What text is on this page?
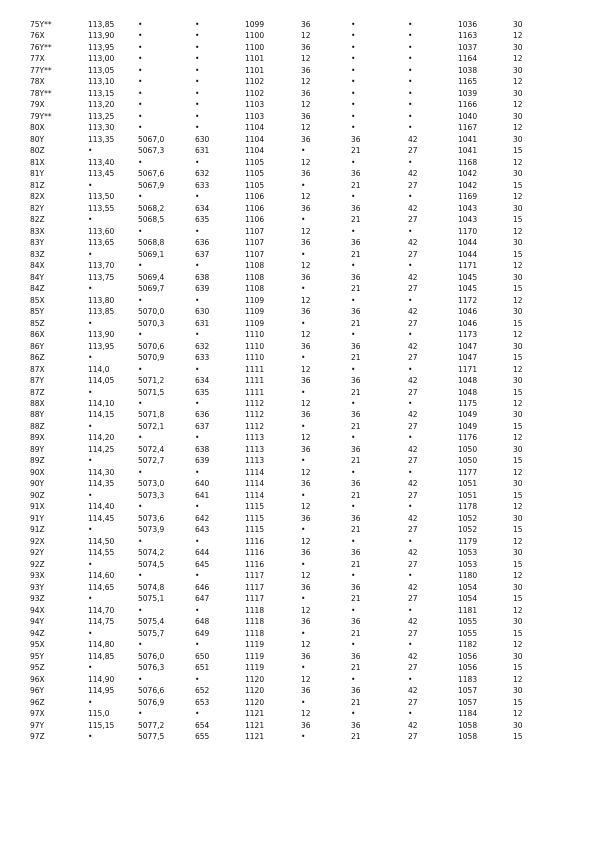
75Y**	113,85	•	•	1099	36	•	•	1036	30
76X	113,90	•	•	1100	12	•	•	1163	12
76Y**	113,95	•	•	1100	36	•	•	1037	30
77X	113,00	•	•	1101	12	•	•	1164	12
77Y**	113,05	•	•	1101	36	•	•	1038	30
78X	113,10	•	•	1102	12	•	•	1165	12
78Y**	113,15	•	•	1102	36	•	•	1039	30
79X	113,20	•	•	1103	12	•	•	1166	12
79Y**	113,25	•	•	1103	36	•	•	1040	30
80X	113,30	•	•	1104	12	•	•	1167	12
80Y	113,35	5067,0	630	1104	36	36	42	1041	30
80Z	•	5067,3	631	1104	•	21	27	1041	15
81X	113,40	•	•	1105	12	•	•	1168	12
81Y	113,45	5067,6	632	1105	36	36	42	1042	30
81Z	•	5067,9	633	1105	•	21	27	1042	15
82X	113,50	•	•	1106	12	•	•	1169	12
82Y	113,55	5068,2	634	1106	36	36	42	1043	30
82Z	•	5068,5	635	1106	•	21	27	1043	15
83X	113,60	•	•	1107	12	•	•	1170	12
83Y	113,65	5068,8	636	1107	36	36	42	1044	30
83Z	•	5069,1	637	1107	•	21	27	1044	15
84X	113,70	•	•	1108	12	•	•	1171	12
84Y	113,75	5069,4	638	1108	36	36	42	1045	30
84Z	•	5069,7	639	1108	•	21	27	1045	15
85X	113,80	•	•	1109	12	•	•	1172	12
85Y	113,85	5070,0	630	1109	36	36	42	1046	30
85Z	•	5070,3	631	1109	•	21	27	1046	15
86X	113,90	•	•	1110	12	•	•	1173	12
86Y	113,95	5070,6	632	1110	36	36	42	1047	30
86Z	•	5070,9	633	1110	•	21	27	1047	15
87X	114,0	•	•	1111	12	•	•	1171	12
87Y	114,05	5071,2	634	1111	36	36	42	1048	30
87Z	•	5071,5	635	1111	•	21	27	1048	15
88X	114,10	•	•	1112	12	•	•	1175	12
88Y	114,15	5071,8	636	1112	36	36	42	1049	30
88Z	•	5072,1	637	1112	•	21	27	1049	15
89X	114,20	•	•	1113	12	•	•	1176	12
89Y	114,25	5072,4	638	1113	36	36	42	1050	30
89Z	•	5072,7	639	1113	•	21	27	1050	15
90X	114,30	•	•	1114	12	•	•	1177	12
90Y	114,35	5073,0	640	1114	36	36	42	1051	30
90Z	•	5073,3	641	1114	•	21	27	1051	15
91X	114,40	•	•	1115	12	•	•	1178	12
91Y	114,45	5073,6	642	1115	36	36	42	1052	30
91Z	•	5073,9	643	1115	•	21	27	1052	15
92X	114,50	•	•	1116	12	•	•	1179	12
92Y	114,55	5074,2	644	1116	36	36	42	1053	30
92Z	•	5074,5	645	1116	•	21	27	1053	15
93X	114,60	•	•	1117	12	•	•	1180	12
93Y	114,65	5074,8	646	1117	36	36	42	1054	30
93Z	•	5075,1	647	1117	•	21	27	1054	15
94X	114,70	•	•	1118	12	•	•	1181	12
94Y	114,75	5075,4	648	1118	36	36	42	1055	30
94Z	•	5075,7	649	1118	•	21	27	1055	15
95X	114,80	•	•	1119	12	•	•	1182	12
95Y	114,85	5076,0	650	1119	36	36	42	1056	30
95Z	•	5076,3	651	1119	•	21	27	1056	15
96X	114,90	•	•	1120	12	•	•	1183	12
96Y	114,95	5076,6	652	1120	36	36	42	1057	30
96Z	•	5076,9	653	1120	•	21	27	1057	15
97X	115,0	•	•	1121	12	•	•	1184	12
97Y	115,15	5077,2	654	1121	36	36	42	1058	30
97Z	•	5077,5	655	1121	•	21	27	1058	15
